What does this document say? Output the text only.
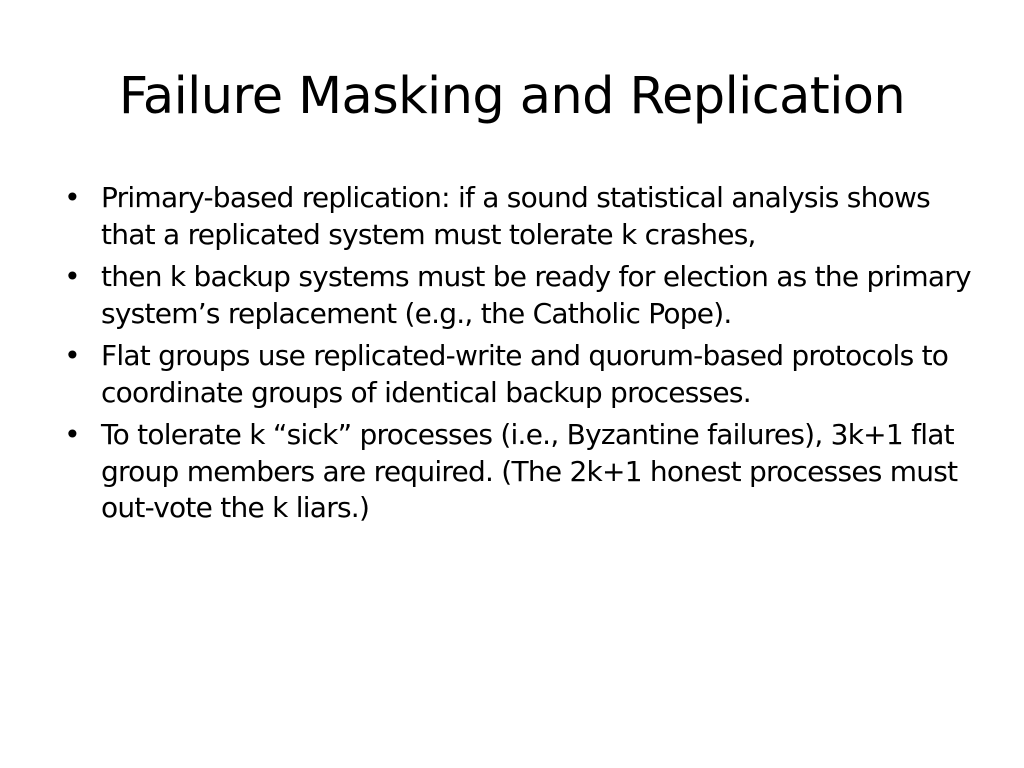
Failure Masking and Replication
• Primary-based replication: if a sound statistical analysis shows that a replicated system must tolerate k crashes,
• then k backup systems must be ready for election as the primary system’s replacement (e.g., the Catholic Pope).
• Flat groups use replicated-write and quorum-based protocols to coordinate groups of identical backup processes.
• To tolerate k “sick” processes (i.e., Byzantine failures), 3k+1 flat group members are required. (The 2k+1 honest processes must out-vote the k liars.)
